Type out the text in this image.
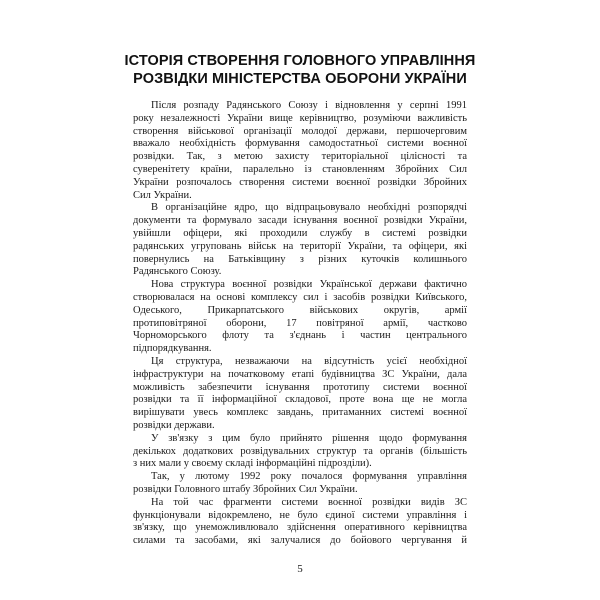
ІСТОРІЯ СТВОРЕННЯ ГОЛОВНОГО УПРАВЛІННЯ
РОЗВІДКИ МІНІСТЕРСТВА ОБОРОНИ УКРАЇНИ
Після розпаду Радянського Союзу і відновлення у серпні 1991
року незалежності України вище керівництво, розуміючи важливість
створення військової організації молодої держави, першочерговим
вважало необхідність формування самодостатньої системи воєнної
розвідки. Так, з метою захисту територіальної цілісності та
суверенітету країни, паралельно із становленням Збройних Сил
України розпочалось створення системи воєнної розвідки Збройних
Сил України.
В організаційне ядро, що відпрацьовувало необхідні розпорядчі
документи та формувало засади існування воєнної розвідки України,
увійшли офіцери, які проходили службу в системі розвідки
радянських угруповань військ на території України, та офіцери, які
повернулись на Батьківщину з різних куточків колишнього
Радянського Союзу.
Нова структура воєнної розвідки Української держави фактично
створювалася на основі комплексу сил і засобів розвідки Київського,
Одеського, Прикарпатського військових округів, армії
протиповітряної оборони, 17 повітряної армії, частково
Чорноморського флоту та з'єднань і частин центрального
підпорядкування.
Ця структура, незважаючи на відсутність усієї необхідної
інфраструктури на початковому етапі будівництва ЗС України, дала
можливість забезпечити існування прототипу системи воєнної
розвідки та її інформаційної складової, проте вона ще не могла
вирішувати увесь комплекс завдань, притаманних системі воєнної
розвідки держави.
У зв'язку з цим було прийнято рішення щодо формування
декількох додаткових розвідувальних структур та органів (більшість
з них мали у своєму складі інформаційні підрозділи).
Так, у лютому 1992 року почалося формування управління
розвідки Головного штабу Збройних Сил України.
На той час фрагменти системи воєнної розвідки видів ЗС
функціонували відокремлено, не було єдиної системи управління і
зв'язку, що унеможливлювало здійснення оперативного керівництва
силами та засобами, які залучалися до бойового чергування й
5
